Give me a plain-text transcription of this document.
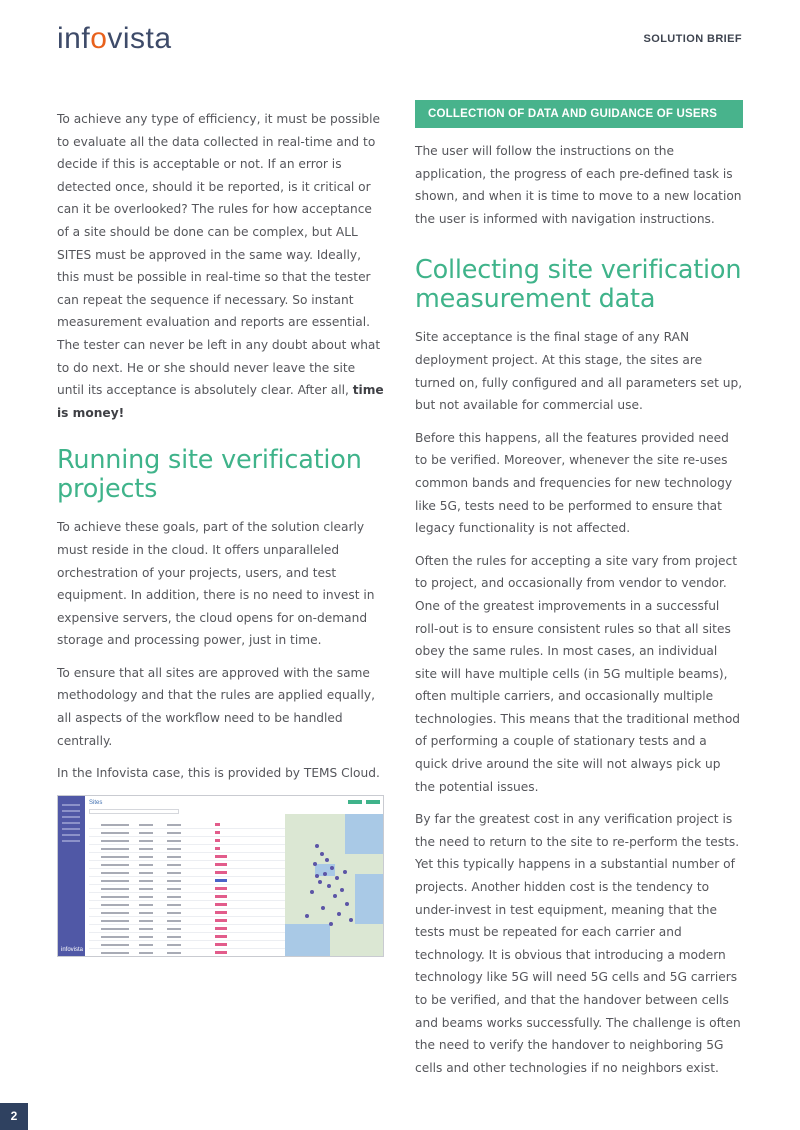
infovista	SOLUTION BRIEF

To achieve any type of efficiency, it must be possible to evaluate all the data collected in real-time and to decide if this is acceptable or not. If an error is detected once, should it be reported, is it critical or can it be overlooked? The rules for how acceptance of a site should be done can be complex, but ALL SITES must be approved in the same way. Ideally, this must be possible in real-time so that the tester can repeat the sequence if necessary. So instant measurement evaluation and reports are essential. The tester can never be left in any doubt about what to do next. He or she should never leave the site until its acceptance is absolutely clear. After all, time is money!

Running site verification projects

To achieve these goals, part of the solution clearly must reside in the cloud. It offers unparalleled orchestration of your projects, users, and test equipment. In addition, there is no need to invest in expensive servers, the cloud opens for on-demand storage and processing power, just in time.

To ensure that all sites are approved with the same methodology and that the rules are applied equally, all aspects of the workflow need to be handled centrally.

In the Infovista case, this is provided by TEMS Cloud.

infovista
Sites
COLLECTION OF DATA AND GUIDANCE OF USERS

The user will follow the instructions on the application, the progress of each pre-defined task is shown, and when it is time to move to a new location the user is informed with navigation instructions.

Collecting site verification measurement data

Site acceptance is the final stage of any RAN deployment project. At this stage, the sites are turned on, fully configured and all parameters set up, but not available for commercial use.

Before this happens, all the features provided need to be verified. Moreover, whenever the site re-uses common bands and frequencies for new technology like 5G, tests need to be performed to ensure that legacy functionality is not affected.

Often the rules for accepting a site vary from project to project, and occasionally from vendor to vendor. One of the greatest improvements in a successful roll-out is to ensure consistent rules so that all sites obey the same rules. In most cases, an individual site will have multiple cells (in 5G multiple beams), often multiple carriers, and occasionally multiple technologies. This means that the traditional method of performing a couple of stationary tests and a quick drive around the site will not always pick up the potential issues.

By far the greatest cost in any verification project is the need to return to the site to re-perform the tests. Yet this typically happens in a substantial number of projects. Another hidden cost is the tendency to under-invest in test equipment, meaning that the tests must be repeated for each carrier and technology. It is obvious that introducing a modern technology like 5G will need 5G cells and 5G carriers to be verified, and that the handover between cells and beams works successfully. The challenge is often the need to verify the handover to neighboring 5G cells and other technologies if no neighbors exist.

2
